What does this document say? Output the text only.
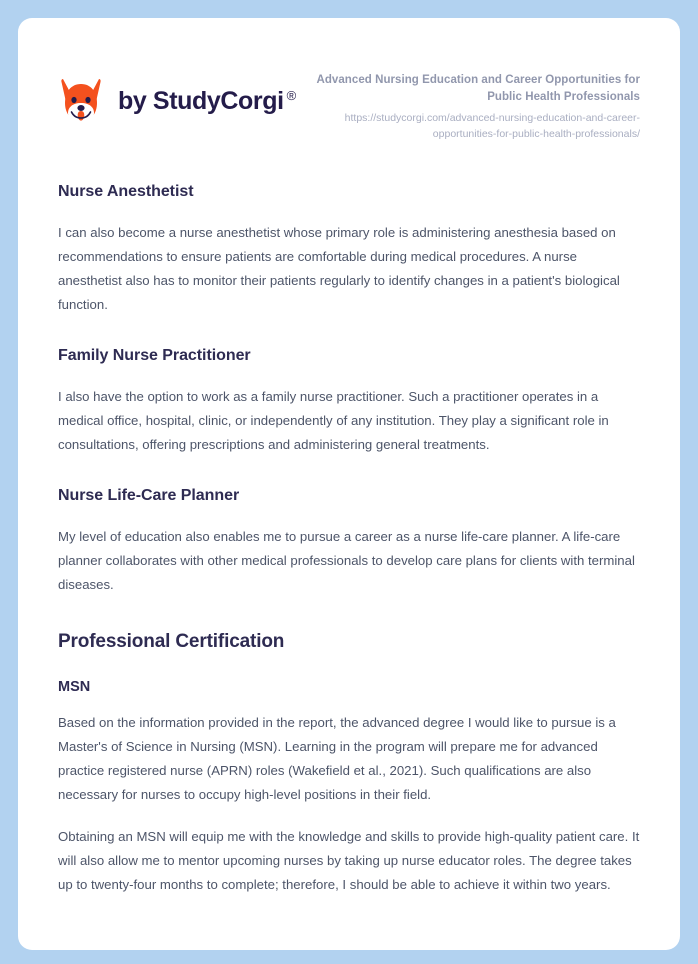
by StudyCorgi ®
Advanced Nursing Education and Career Opportunities for Public Health Professionals
https://studycorgi.com/advanced-nursing-education-and-career-opportunities-for-public-health-professionals/
Nurse Anesthetist

I can also become a nurse anesthetist whose primary role is administering anesthesia based on recommendations to ensure patients are comfortable during medical procedures. A nurse anesthetist also has to monitor their patients regularly to identify changes in a patient's biological function.

Family Nurse Practitioner

I also have the option to work as a family nurse practitioner. Such a practitioner operates in a medical office, hospital, clinic, or independently of any institution. They play a significant role in consultations, offering prescriptions and administering general treatments.

Nurse Life-Care Planner

My level of education also enables me to pursue a career as a nurse life-care planner. A life-care planner collaborates with other medical professionals to develop care plans for clients with terminal diseases.

Professional Certification
MSN

Based on the information provided in the report, the advanced degree I would like to pursue is a Master's of Science in Nursing (MSN). Learning in the program will prepare me for advanced practice registered nurse (APRN) roles (Wakefield et al., 2021). Such qualifications are also necessary for nurses to occupy high-level positions in their field.

Obtaining an MSN will equip me with the knowledge and skills to provide high-quality patient care. It will also allow me to mentor upcoming nurses by taking up nurse educator roles. The degree takes up to twenty-four months to complete; therefore, I should be able to achieve it within two years.
